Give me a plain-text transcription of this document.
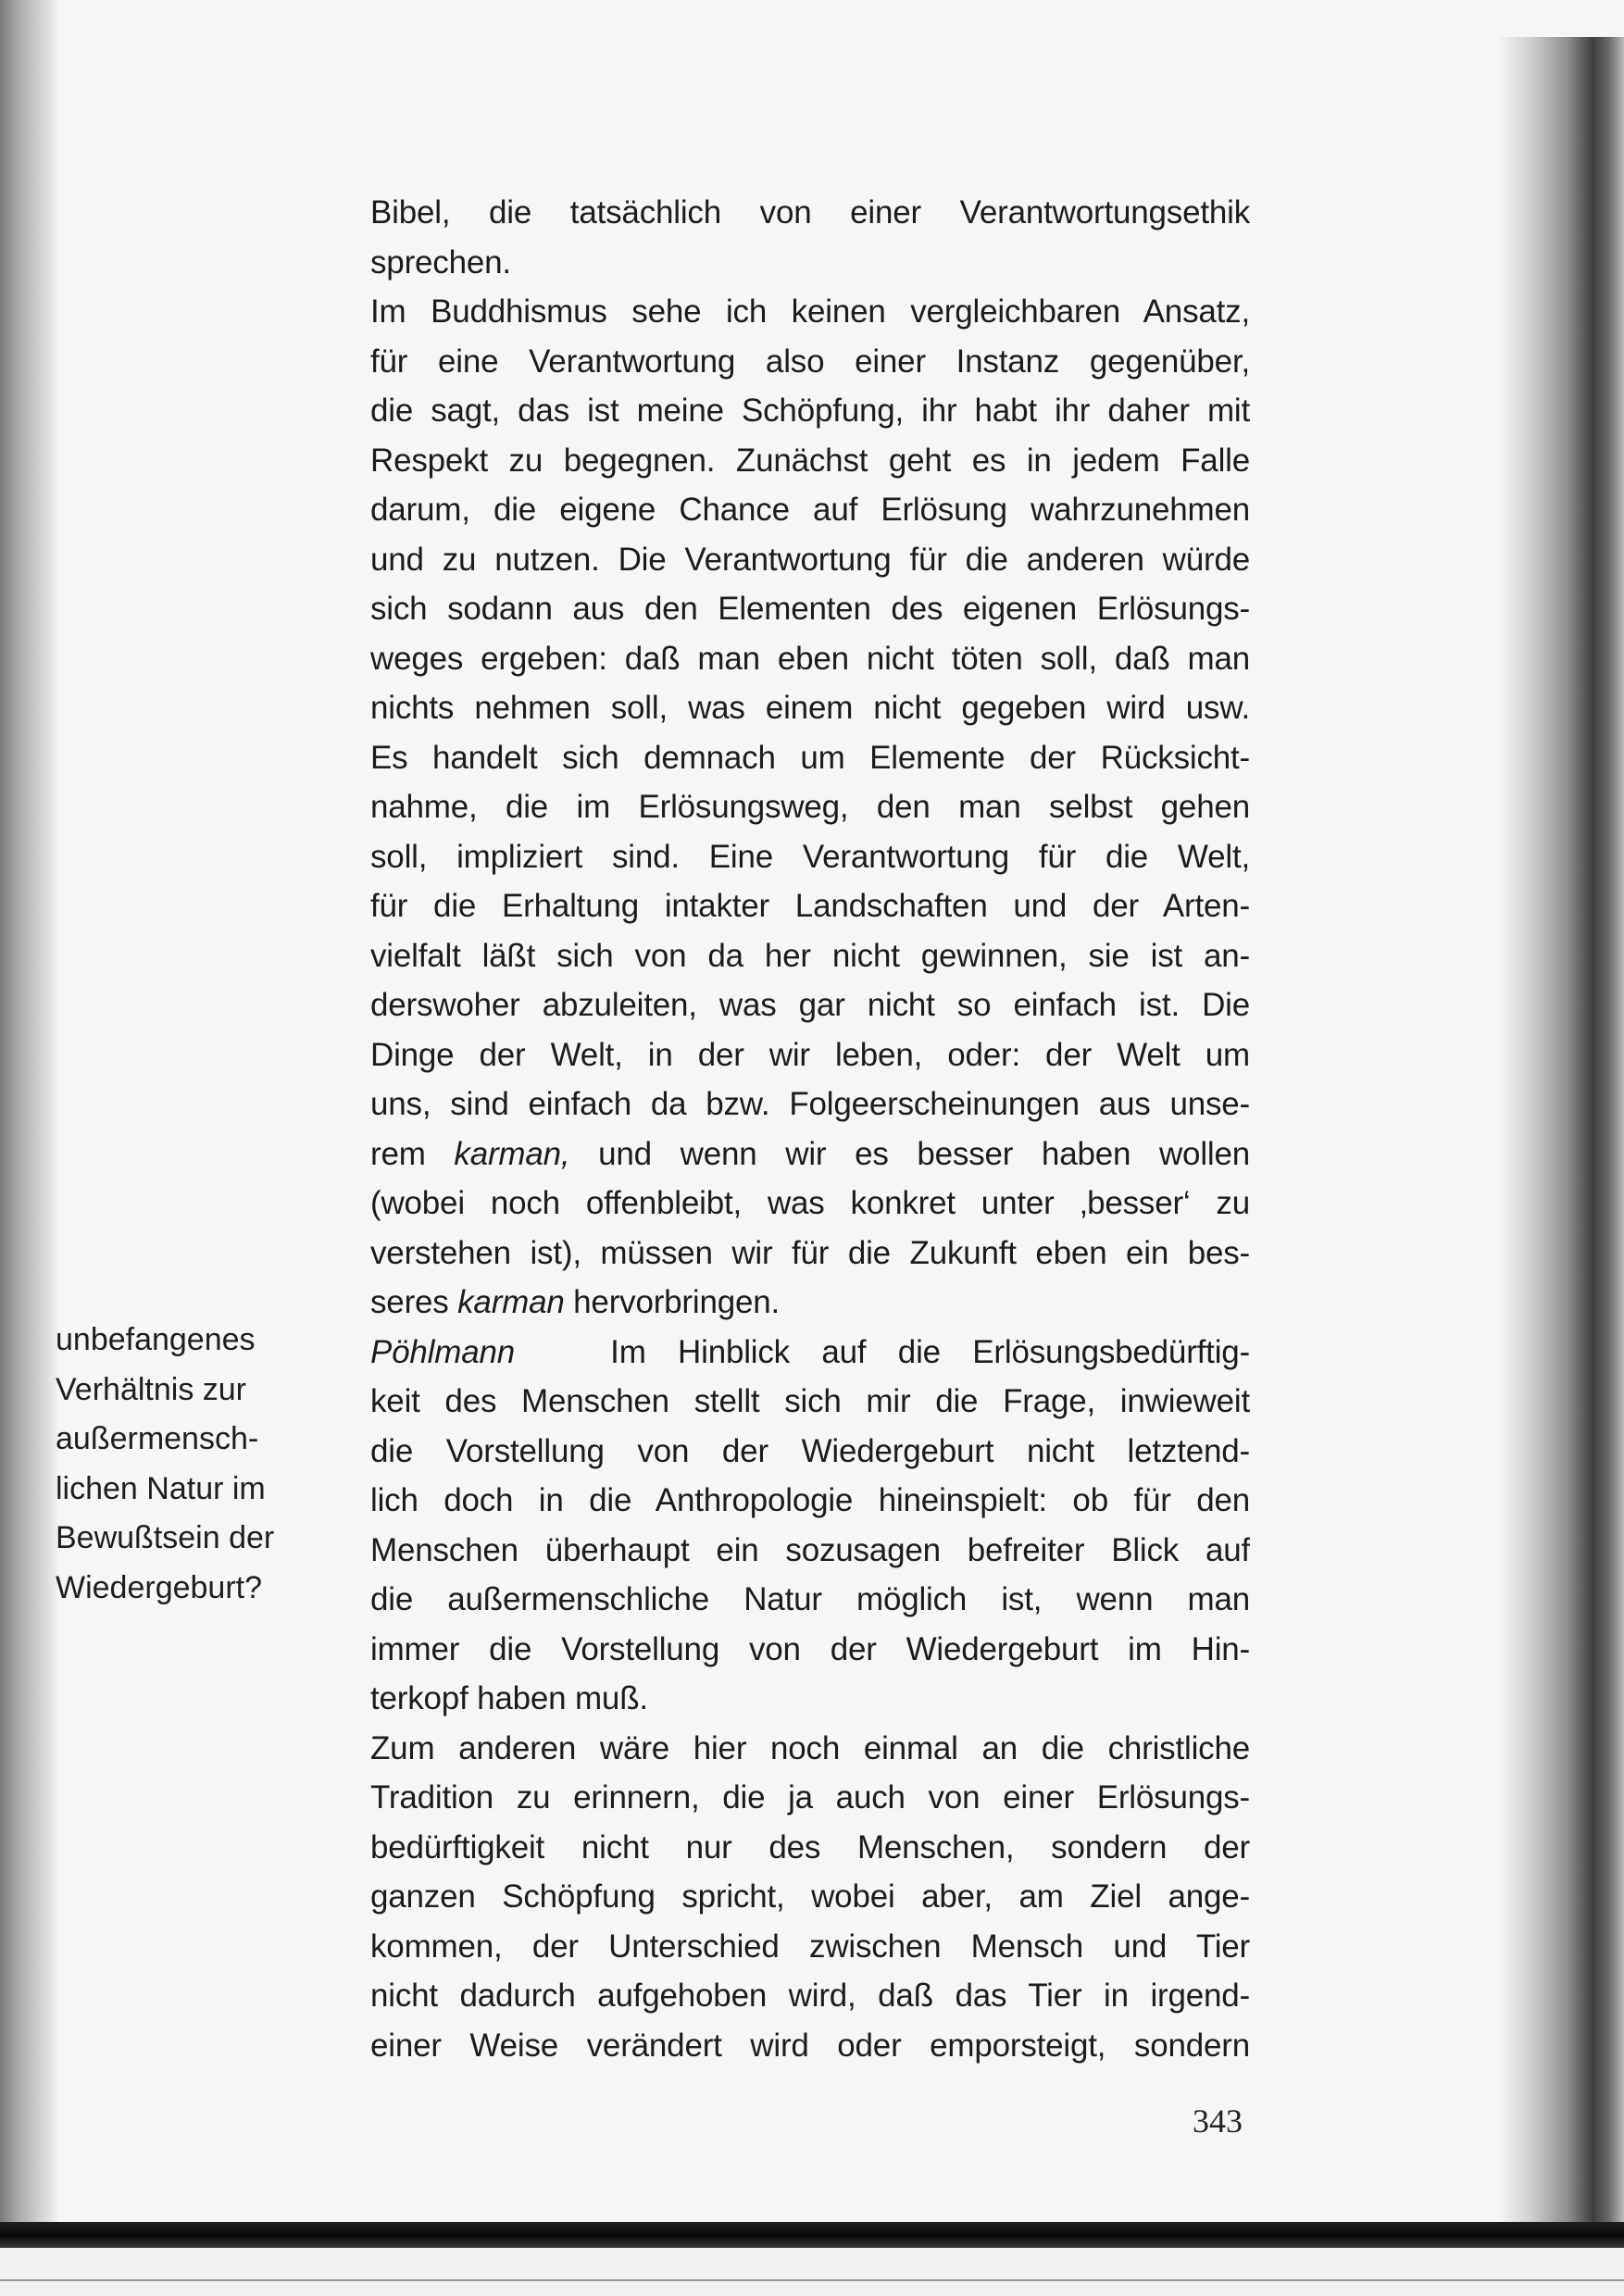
unbefangenes
Verhältnis zur
außermensch-
lichen Natur im
Bewußtsein der
Wiedergeburt?
Bibel, die tatsächlich von einer Verantwortungsethik
sprechen.
Im Buddhismus sehe ich keinen vergleichbaren Ansatz,
für eine Verantwortung also einer Instanz gegenüber,
die sagt, das ist meine Schöpfung, ihr habt ihr daher mit
Respekt zu begegnen. Zunächst geht es in jedem Falle
darum, die eigene Chance auf Erlösung wahrzunehmen
und zu nutzen. Die Verantwortung für die anderen würde
sich sodann aus den Elementen des eigenen Erlösungs-
weges ergeben: daß man eben nicht töten soll, daß man
nichts nehmen soll, was einem nicht gegeben wird usw.
Es handelt sich demnach um Elemente der Rücksicht-
nahme, die im Erlösungsweg, den man selbst gehen
soll, impliziert sind. Eine Verantwortung für die Welt,
für die Erhaltung intakter Landschaften und der Arten-
vielfalt läßt sich von da her nicht gewinnen, sie ist an-
derswoher abzuleiten, was gar nicht so einfach ist. Die
Dinge der Welt, in der wir leben, oder: der Welt um
uns, sind einfach da bzw. Folgeerscheinungen aus unse-
rem karman, und wenn wir es besser haben wollen
(wobei noch offenbleibt, was konkret unter ‚besser‘ zu
verstehen ist), müssen wir für die Zukunft eben ein bes-
seres karman hervorbringen.
Pöhlmann   Im Hinblick auf die Erlösungsbedürftig-
keit des Menschen stellt sich mir die Frage, inwieweit
die Vorstellung von der Wiedergeburt nicht letztend-
lich doch in die Anthropologie hineinspielt: ob für den
Menschen überhaupt ein sozusagen befreiter Blick auf
die außermenschliche Natur möglich ist, wenn man
immer die Vorstellung von der Wiedergeburt im Hin-
terkopf haben muß.
Zum anderen wäre hier noch einmal an die christliche
Tradition zu erinnern, die ja auch von einer Erlösungs-
bedürftigkeit nicht nur des Menschen, sondern der
ganzen Schöpfung spricht, wobei aber, am Ziel ange-
kommen, der Unterschied zwischen Mensch und Tier
nicht dadurch aufgehoben wird, daß das Tier in irgend-
einer Weise verändert wird oder emporsteigt, sondern
343
